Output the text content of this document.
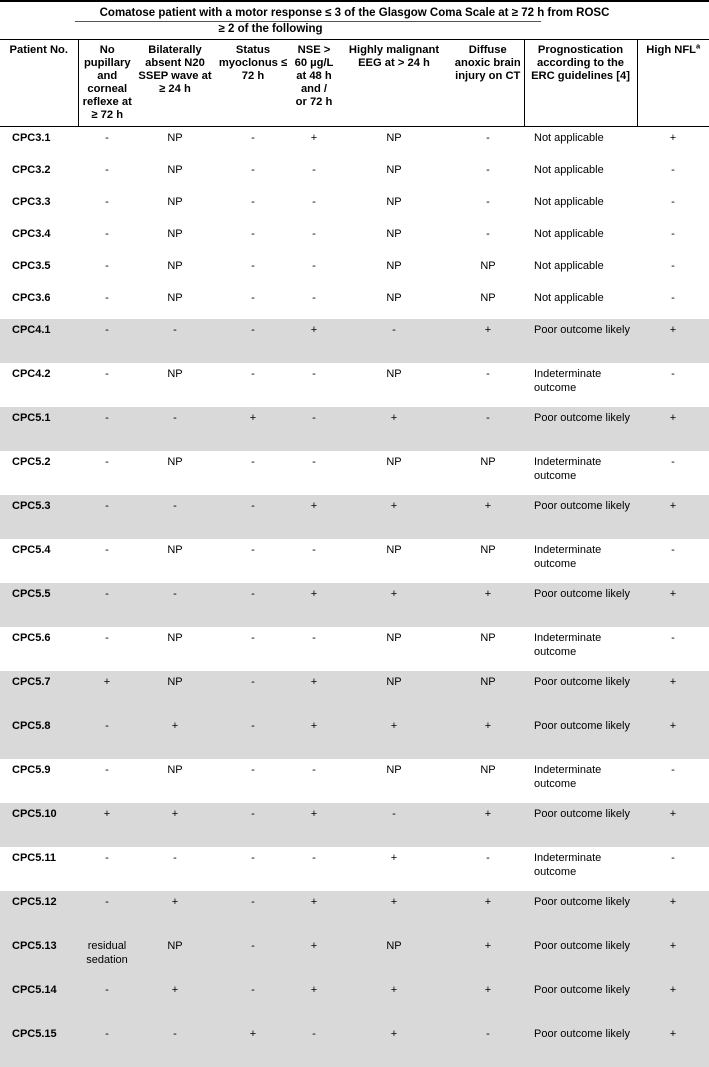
Comatose patient with a motor response ≤ 3 of the Glasgow Coma Scale at ≥ 72 h from ROSC
≥ 2 of the following
Patient No.	No pupillary and corneal reflexe at ≥ 72 h	Bilaterally absent N20 SSEP wave at ≥ 24 h	Status myoclonus ≤ 72 h	NSE > 60 µg/L at 48 h and / or 72 h	Highly malignant EEG at > 24 h	Diffuse anoxic brain injury on CT	Prognostication according to the ERC guidelines [4]	High NFL$^a$
CPC3.1	-	NP	-	+	NP	-	Not applicable	+
CPC3.2	-	NP	-	-	NP	-	Not applicable	-
CPC3.3	-	NP	-	-	NP	-	Not applicable	-
CPC3.4	-	NP	-	-	NP	-	Not applicable	-
CPC3.5	-	NP	-	-	NP	NP	Not applicable	-
CPC3.6	-	NP	-	-	NP	NP	Not applicable	-
CPC4.1	-	-	-	+	-	+	Poor outcome likely	+
CPC4.2	-	NP	-	-	NP	-	Indeterminate outcome	-
CPC5.1	-	-	+	-	+	-	Poor outcome likely	+
CPC5.2	-	NP	-	-	NP	NP	Indeterminate outcome	-
CPC5.3	-	-	-	+	+	+	Poor outcome likely	+
CPC5.4	-	NP	-	-	NP	NP	Indeterminate outcome	-
CPC5.5	-	-	-	+	+	+	Poor outcome likely	+
CPC5.6	-	NP	-	-	NP	NP	Indeterminate outcome	-
CPC5.7	+	NP	-	+	NP	NP	Poor outcome likely	+
CPC5.8	-	+	-	+	+	+	Poor outcome likely	+
CPC5.9	-	NP	-	-	NP	NP	Indeterminate outcome	-
CPC5.10	+	+	-	+	-	+	Poor outcome likely	+
CPC5.11	-	-	-	-	+	-	Indeterminate outcome	-
CPC5.12	-	+	-	+	+	+	Poor outcome likely	+
CPC5.13	residual sedation	NP	-	+	NP	+	Poor outcome likely	+
CPC5.14	-	+	-	+	+	+	Poor outcome likely	+
CPC5.15	-	-	+	-	+	-	Poor outcome likely	+
